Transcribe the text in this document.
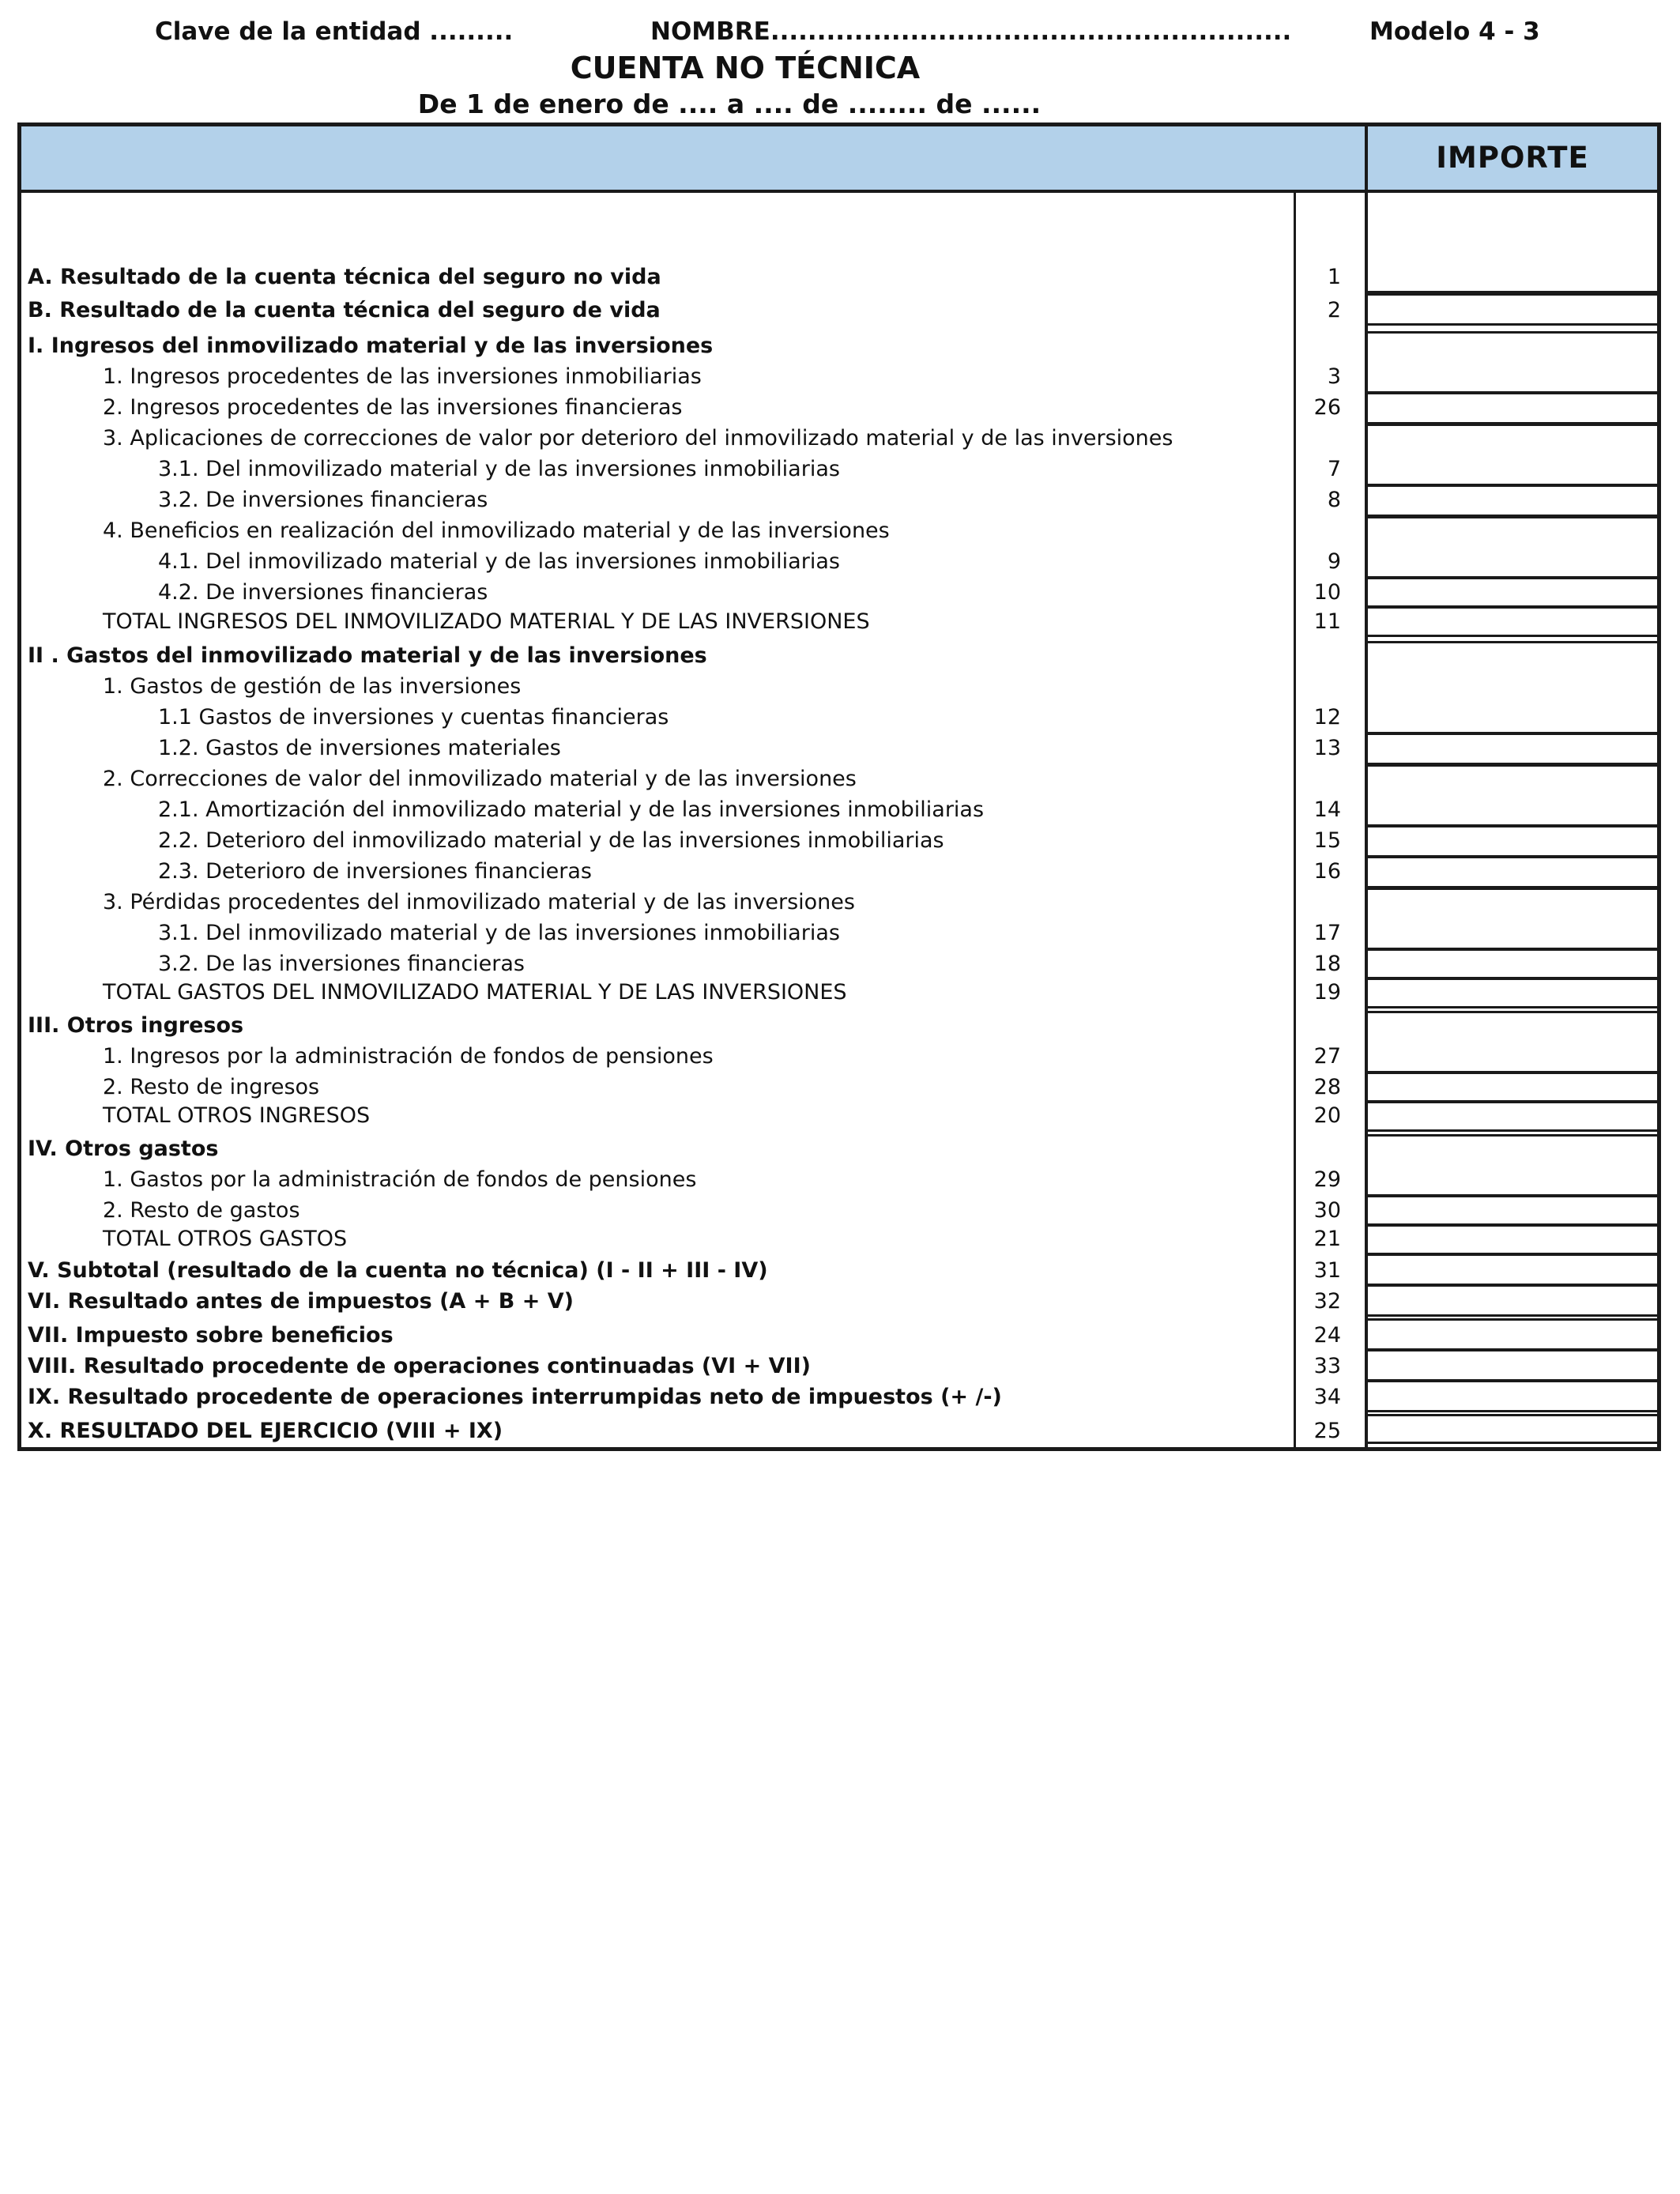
Clave de la entidad .........	NOMBRE........................................................	Modelo 4 - 3
CUENTA NO TÉCNICA
De 1 de enero de .... a .... de ........ de ......
IMPORTE
A. Resultado de la cuenta técnica del seguro no vida	1
B. Resultado de la cuenta técnica del seguro de vida	2
I. Ingresos del inmovilizado material y de las inversiones
1. Ingresos procedentes de las inversiones inmobiliarias	3
2. Ingresos procedentes de las inversiones financieras	26
3. Aplicaciones de correcciones de valor por deterioro del inmovilizado material y de las inversiones
3.1. Del inmovilizado material y de las inversiones inmobiliarias	7
3.2. De inversiones financieras	8
4. Beneficios en realización del inmovilizado material y de las inversiones
4.1. Del inmovilizado material y de las inversiones inmobiliarias	9
4.2. De inversiones financieras	10
TOTAL INGRESOS DEL INMOVILIZADO MATERIAL Y DE LAS INVERSIONES	11
II . Gastos del inmovilizado material y de las inversiones
1. Gastos de gestión de las inversiones
1.1 Gastos de inversiones y cuentas financieras	12
1.2. Gastos de inversiones materiales	13
2. Correcciones de valor del inmovilizado material y de las inversiones
2.1. Amortización del inmovilizado material y de las inversiones inmobiliarias	14
2.2. Deterioro del inmovilizado material y de las inversiones inmobiliarias	15
2.3. Deterioro de inversiones financieras	16
3. Pérdidas procedentes del inmovilizado material y de las inversiones
3.1. Del inmovilizado material y de las inversiones inmobiliarias	17
3.2. De las inversiones financieras	18
TOTAL GASTOS DEL INMOVILIZADO MATERIAL Y DE LAS INVERSIONES	19
III. Otros ingresos
1. Ingresos por la administración de fondos de pensiones	27
2. Resto de ingresos	28
TOTAL OTROS INGRESOS	20
IV. Otros gastos
1. Gastos por la administración de fondos de pensiones	29
2. Resto de gastos	30
TOTAL OTROS GASTOS	21
V. Subtotal (resultado de la cuenta no técnica) (I - II + III - IV)	31
VI. Resultado antes de impuestos (A + B + V)	32
VII. Impuesto sobre beneficios	24
VIII. Resultado procedente de operaciones continuadas (VI + VII)	33
IX. Resultado procedente de operaciones interrumpidas neto de impuestos (+ /-)	34
X. RESULTADO DEL EJERCICIO (VIII + IX)	25
